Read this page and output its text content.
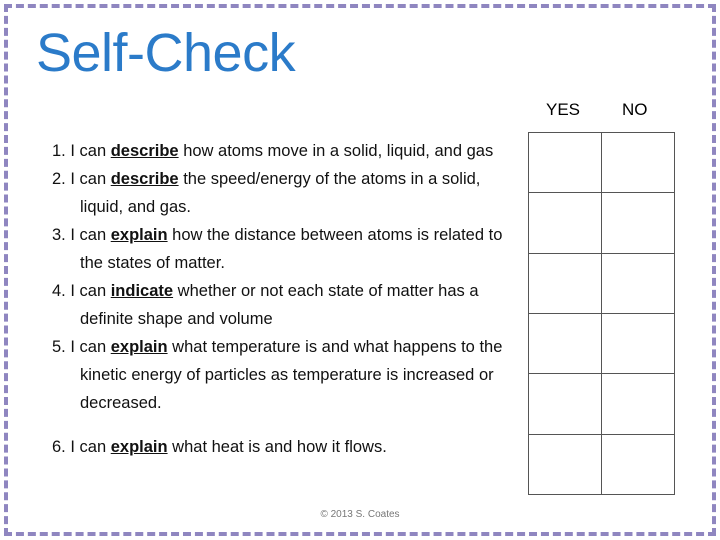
Self-Check
YES NO
1. I can describe how atoms move in a solid, liquid, and gas
2. I can describe the speed/energy of the atoms in a solid, liquid, and gas.
3. I can explain how the distance between atoms is related to the states of matter.
4. I can indicate whether or not each state of matter has a definite shape and volume
5. I can explain what temperature is and what happens to the kinetic energy of particles as temperature is increased or decreased.
6. I can explain what heat is and how it flows.

© 2013 S. Coates
